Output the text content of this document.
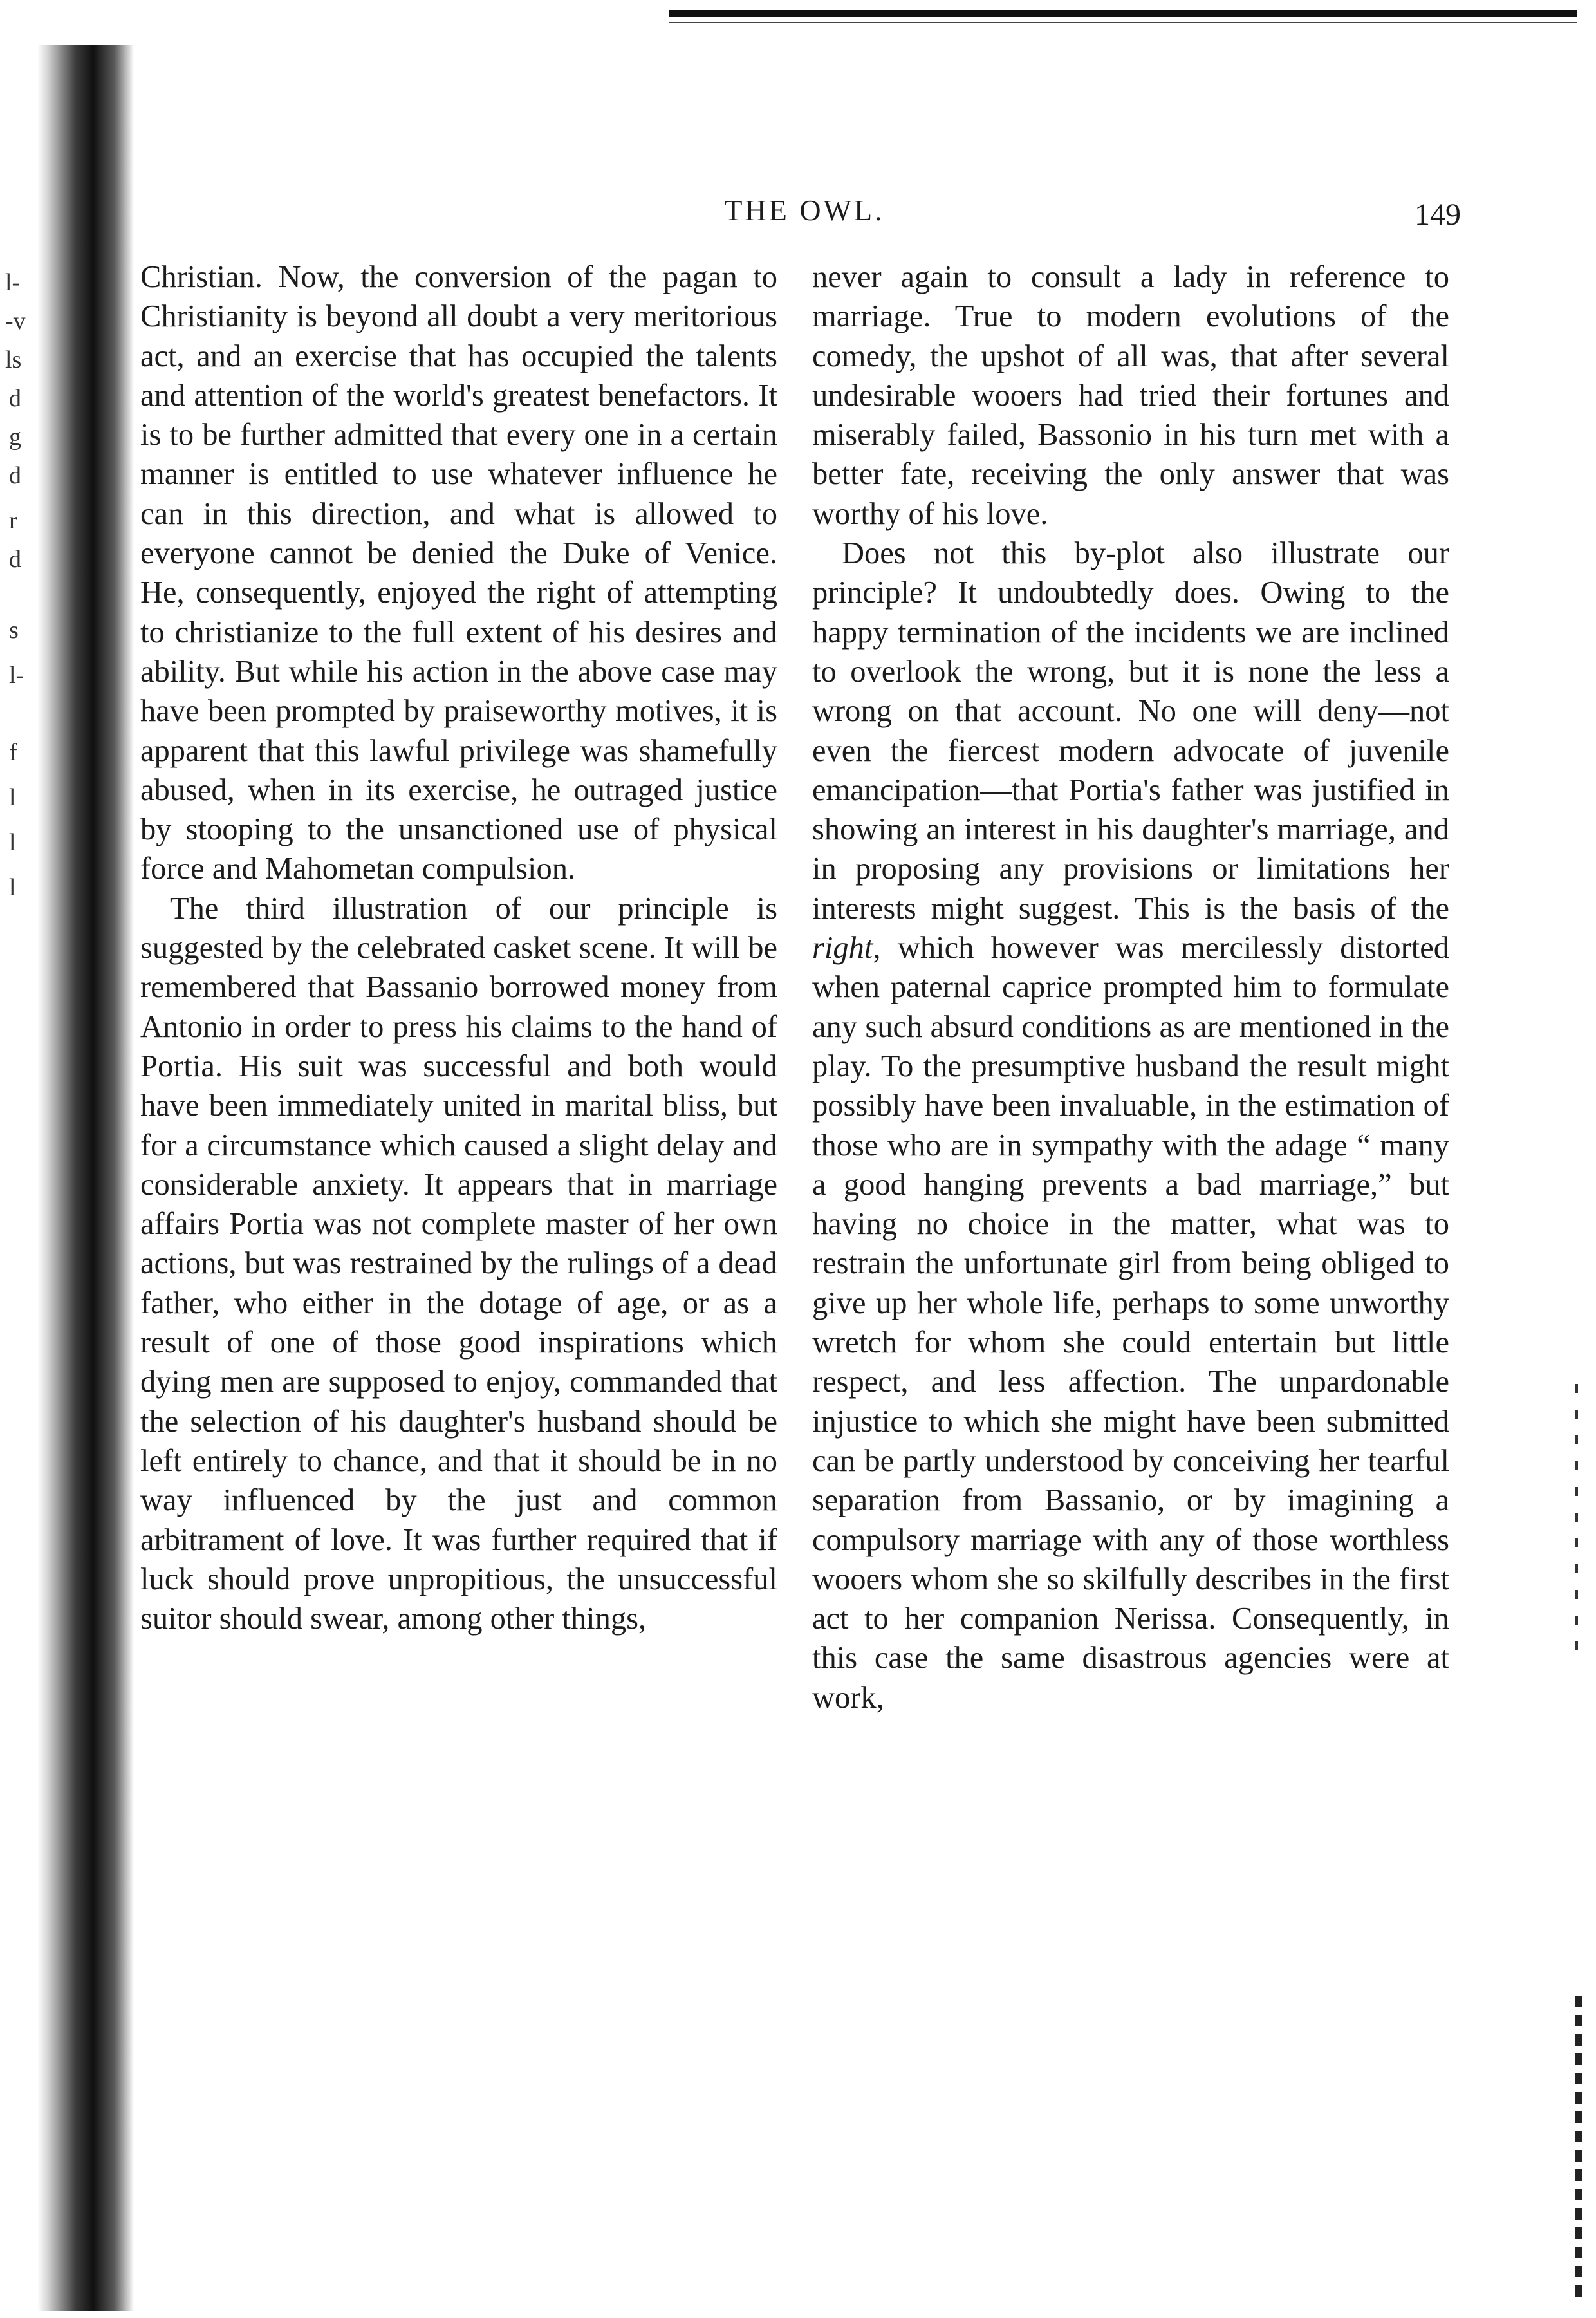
l-
-v
ls
d
g
d
r
d
s
l-
f
l
l
l
THE OWL.	149

Christian. Now, the conversion of the pagan to Christianity is beyond all doubt a very meritorious act, and an exercise that has occupied the talents and attention of the world's greatest benefactors. It is to be further admitted that every one in a certain manner is entitled to use whatever influence he can in this direction, and what is allowed to everyone cannot be denied the Duke of Venice. He, consequently, enjoyed the right of attempting to christianize to the full extent of his desires and ability. But while his action in the above case may have been prompted by praiseworthy motives, it is apparent that this lawful privilege was shamefully abused, when in its exercise, he outraged justice by stooping to the unsanctioned use of physical force and Mahometan compulsion.

The third illustration of our principle is suggested by the celebrated casket scene. It will be remembered that Bassanio borrowed money from Antonio in order to press his claims to the hand of Portia. His suit was successful and both would have been immediately united in marital bliss, but for a circumstance which caused a slight delay and considerable anxiety. It appears that in marriage affairs Portia was not complete master of her own actions, but was restrained by the rulings of a dead father, who either in the dotage of age, or as a result of one of those good inspirations which dying men are supposed to enjoy, commanded that the selection of his daughter's husband should be left entirely to chance, and that it should be in no way influenced by the just and common arbitrament of love. It was further required that if luck should prove unpropitious, the unsuccessful suitor should swear, among other things,

never again to consult a lady in reference to marriage. True to modern evolutions of the comedy, the upshot of all was, that after several undesirable wooers had tried their fortunes and miserably failed, Bassonio in his turn met with a better fate, receiving the only answer that was worthy of his love.

Does not this by-plot also illustrate our principle? It undoubtedly does. Owing to the happy termination of the incidents we are inclined to overlook the wrong, but it is none the less a wrong on that account. No one will deny—not even the fiercest modern advocate of juvenile emancipation—that Portia's father was justified in showing an interest in his daughter's marriage, and in proposing any provisions or limitations her interests might suggest. This is the basis of the right, which however was mercilessly distorted when paternal caprice prompted him to formulate any such absurd conditions as are mentioned in the play. To the presumptive husband the result might possibly have been invaluable, in the estimation of those who are in sympathy with the adage “ many a good hanging prevents a bad marriage,” but having no choice in the matter, what was to restrain the unfortunate girl from being obliged to give up her whole life, perhaps to some unworthy wretch for whom she could entertain but little respect, and less affection. The unpardonable injustice to which she might have been submitted can be partly understood by conceiving her tearful separation from Bassanio, or by imagining a compulsory marriage with any of those worthless wooers whom she so skilfully describes in the first act to her companion Nerissa. Consequently, in this case the same disastrous agencies were at work,
